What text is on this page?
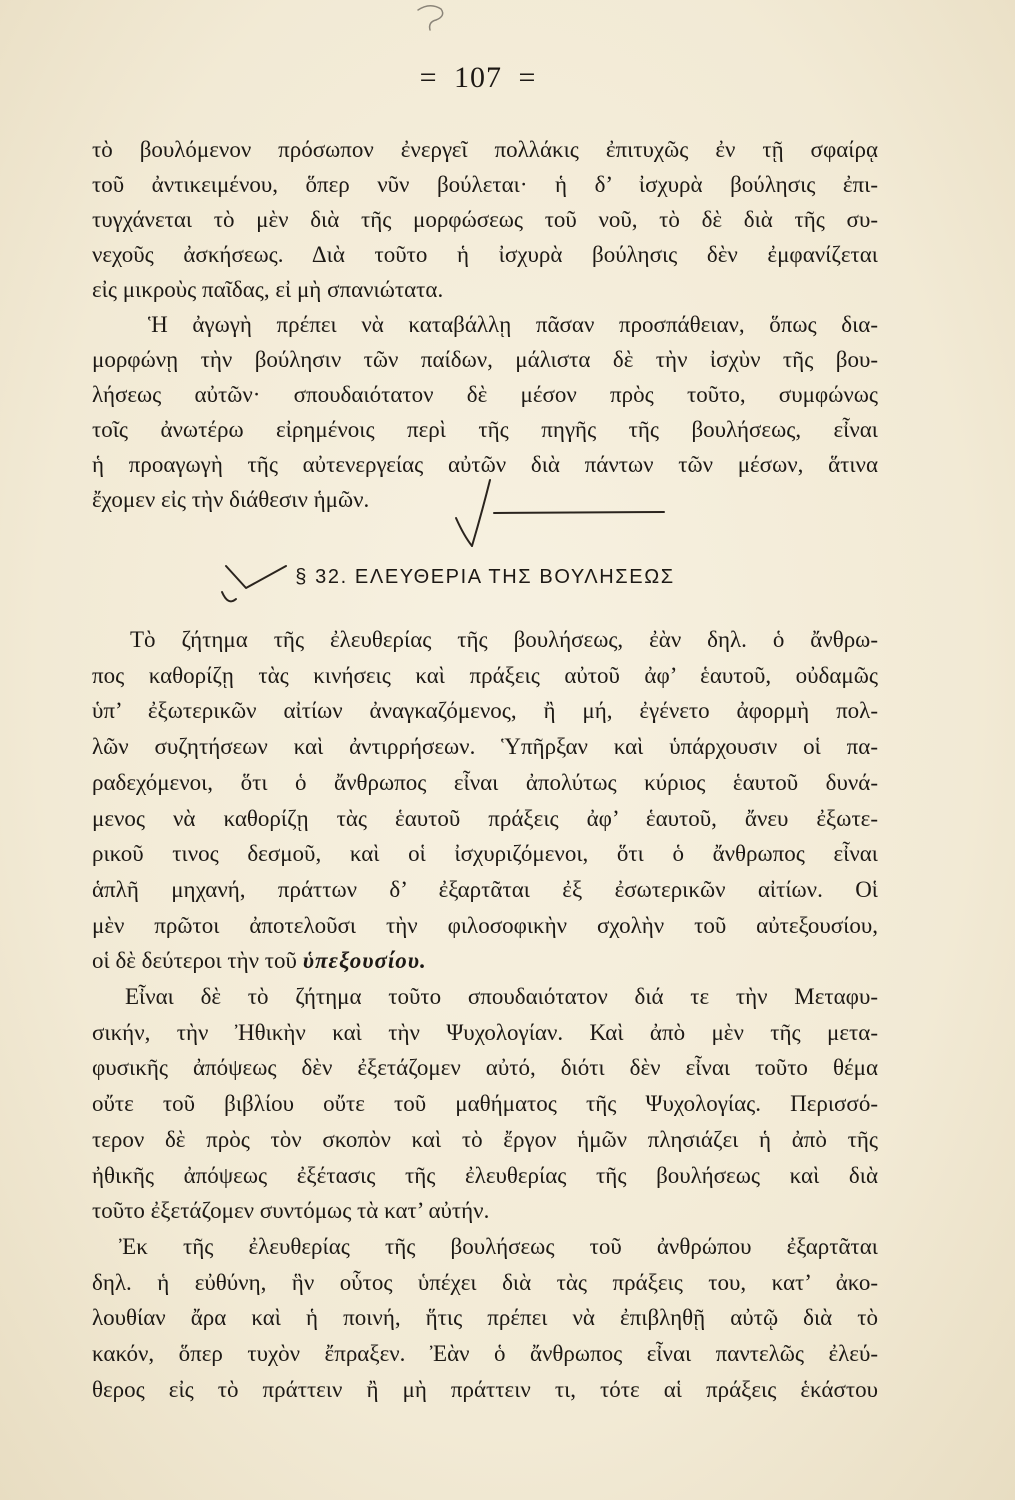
= 107 =
τὸ βουλόμενον πρόσωπον ἐνεργεῖ πολλάκις ἐπιτυχῶς ἐν τῇ σφαίρᾳ
τοῦ ἀντικειμένου, ὅπερ νῦν βούλεται· ἡ δ’ ἰσχυρὰ βούλησις ἐπι-
τυγχάνεται τὸ μὲν διὰ τῆς μορφώσεως τοῦ νοῦ, τὸ δὲ διὰ τῆς συ-
νεχοῦς ἀσκήσεως. Διὰ τοῦτο ἡ ἰσχυρὰ βούλησις δὲν ἐμφανίζεται
εἰς μικροὺς παῖδας, εἰ μὴ σπανιώτατα.
Ἡ ἀγωγὴ πρέπει νὰ καταβάλλῃ πᾶσαν προσπάθειαν, ὅπως δια-
μορφώνῃ τὴν βούλησιν τῶν παίδων, μάλιστα δὲ τὴν ἰσχὺν τῆς βου-
λήσεως αὐτῶν· σπουδαιότατον δὲ μέσον πρὸς τοῦτο, συμφώνως
τοῖς ἀνωτέρω εἰρημένοις περὶ τῆς πηγῆς τῆς βουλήσεως, εἶναι
ἡ προαγωγὴ τῆς αὐτενεργείας αὐτῶν διὰ πάντων τῶν μέσων, ἅτινα
ἔχομεν εἰς τὴν διάθεσιν ἡμῶν.
§ 32. ΕΛΕΥΘΕΡΙΑ ΤΗΣ ΒΟΥΛΗΣΕΩΣ
Τὸ ζήτημα τῆς ἐλευθερίας τῆς βουλήσεως, ἐὰν δηλ. ὁ ἄνθρω-
πος καθορίζῃ τὰς κινήσεις καὶ πράξεις αὐτοῦ ἀφ’ ἑαυτοῦ, οὐδαμῶς
ὑπ’ ἐξωτερικῶν αἰτίων ἀναγκαζόμενος, ἢ μή, ἐγένετο ἀφορμὴ πολ-
λῶν συζητήσεων καὶ ἀντιρρήσεων. Ὑπῆρξαν καὶ ὑπάρχουσιν οἱ πα-
ραδεχόμενοι, ὅτι ὁ ἄνθρωπος εἶναι ἀπολύτως κύριος ἑαυτοῦ δυνά-
μενος νὰ καθορίζῃ τὰς ἑαυτοῦ πράξεις ἀφ’ ἑαυτοῦ, ἄνευ ἐξωτε-
ρικοῦ τινος δεσμοῦ, καὶ οἱ ἰσχυριζόμενοι, ὅτι ὁ ἄνθρωπος εἶναι
ἁπλῆ μηχανή, πράττων δ’ ἐξαρτᾶται ἐξ ἐσωτερικῶν αἰτίων. Οἱ
μὲν πρῶτοι ἀποτελοῦσι τὴν φιλοσοφικὴν σχολὴν τοῦ αὐτεξουσίου,
οἱ δὲ δεύτεροι τὴν τοῦ ὑπεξουσίου.
Εἶναι δὲ τὸ ζήτημα τοῦτο σπουδαιότατον διά τε τὴν Μεταφυ-
σικήν, τὴν Ἠθικὴν καὶ τὴν Ψυχολογίαν. Καὶ ἀπὸ μὲν τῆς μετα-
φυσικῆς ἀπόψεως δὲν ἐξετάζομεν αὐτό, διότι δὲν εἶναι τοῦτο θέμα
οὔτε τοῦ βιβλίου οὔτε τοῦ μαθήματος τῆς Ψυχολογίας. Περισσό-
τερον δὲ πρὸς τὸν σκοπὸν καὶ τὸ ἔργον ἡμῶν πλησιάζει ἡ ἀπὸ τῆς
ἠθικῆς ἀπόψεως ἐξέτασις τῆς ἐλευθερίας τῆς βουλήσεως καὶ διὰ
τοῦτο ἐξετάζομεν συντόμως τὰ κατ’ αὐτήν.
Ἐκ τῆς ἐλευθερίας τῆς βουλήσεως τοῦ ἀνθρώπου ἐξαρτᾶται
δηλ. ἡ εὐθύνη, ἣν οὗτος ὑπέχει διὰ τὰς πράξεις του, κατ’ ἀκο-
λουθίαν ἄρα καὶ ἡ ποινή, ἥτις πρέπει νὰ ἐπιβληθῇ αὐτῷ διὰ τὸ
κακόν, ὅπερ τυχὸν ἔπραξεν. Ἐὰν ὁ ἄνθρωπος εἶναι παντελῶς ἐλεύ-
θερος εἰς τὸ πράττειν ἢ μὴ πράττειν τι, τότε αἱ πράξεις ἑκάστου
